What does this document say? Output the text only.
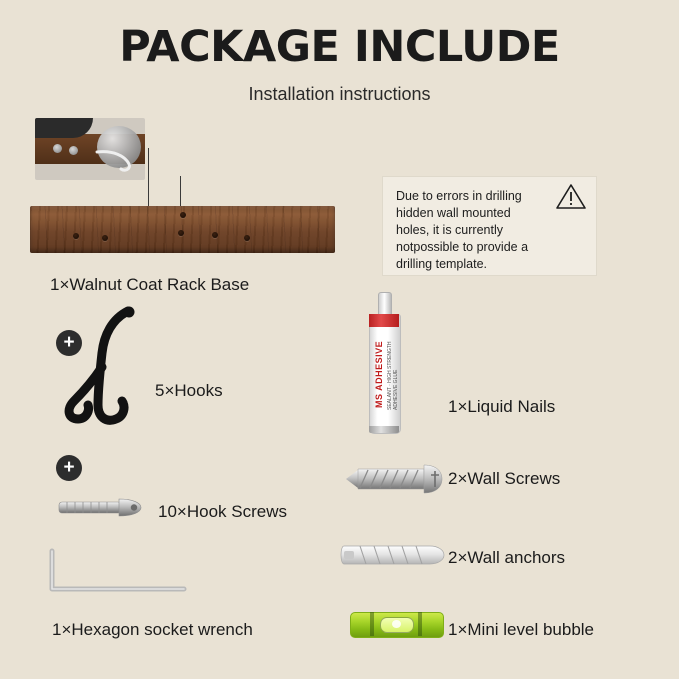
PACKAGE INCLUDE
Installation instructions
Due to errors in drilling hidden wall mounted holes, it is currently notpossible to provide a drilling template.
1×Walnut Coat Rack Base
+
5×Hooks
+
10×Hook Screws
1×Hexagon socket wrench
MS ADHESIVE SEALANT · HIGH STRENGTH ADHESIVE GLUE	1×Liquid Nails
2×Wall Screws
2×Wall anchors
1×Mini level bubble
